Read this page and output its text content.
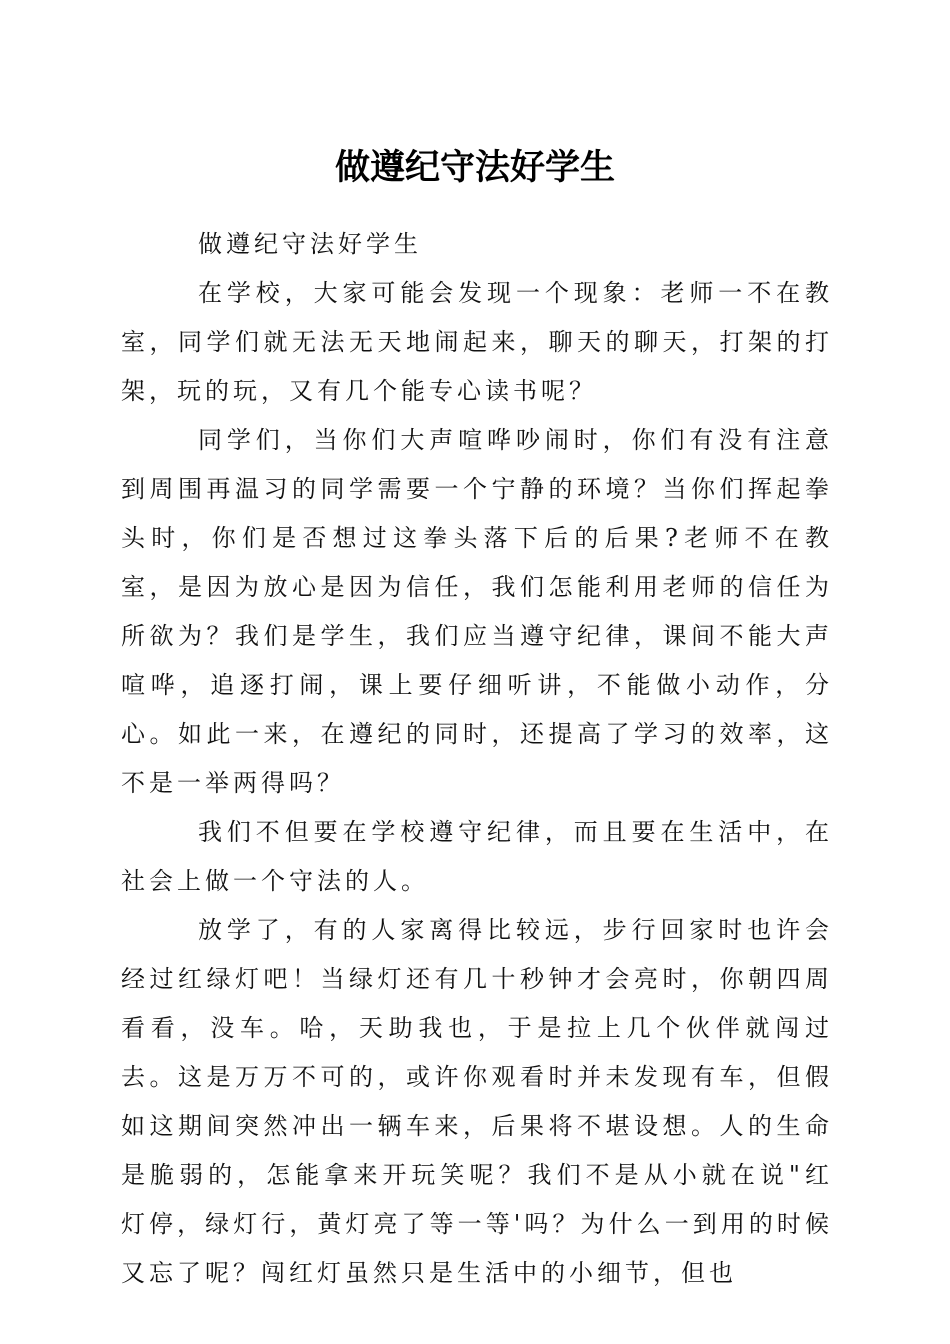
做遵纪守法好学生

做遵纪守法好学生

在学校，大家可能会发现一个现象：老师一不在教室，同学们就无法无天地闹起来，聊天的聊天，打架的打架，玩的玩，又有几个能专心读书呢？

同学们，当你们大声喧哗吵闹时，你们有没有注意到周围再温习的同学需要一个宁静的环境？当你们挥起拳头时，你们是否想过这拳头落下后的后果?老师不在教室，是因为放心是因为信任，我们怎能利用老师的信任为所欲为？我们是学生，我们应当遵守纪律，课间不能大声喧哗，追逐打闹，课上要仔细听讲，不能做小动作，分心。如此一来，在遵纪的同时，还提高了学习的效率，这不是一举两得吗？

我们不但要在学校遵守纪律，而且要在生活中，在社会上做一个守法的人。

放学了，有的人家离得比较远，步行回家时也许会经过红绿灯吧！当绿灯还有几十秒钟才会亮时，你朝四周看看，没车。哈，天助我也，于是拉上几个伙伴就闯过去。这是万万不可的，或许你观看时并未发现有车，但假如这期间突然冲出一辆车来，后果将不堪设想。人的生命是脆弱的，怎能拿来开玩笑呢？我们不是从小就在说"红灯停，绿灯行，黄灯亮了等一等'吗？为什么一到用的时候又忘了呢？闯红灯虽然只是生活中的小细节，但也
